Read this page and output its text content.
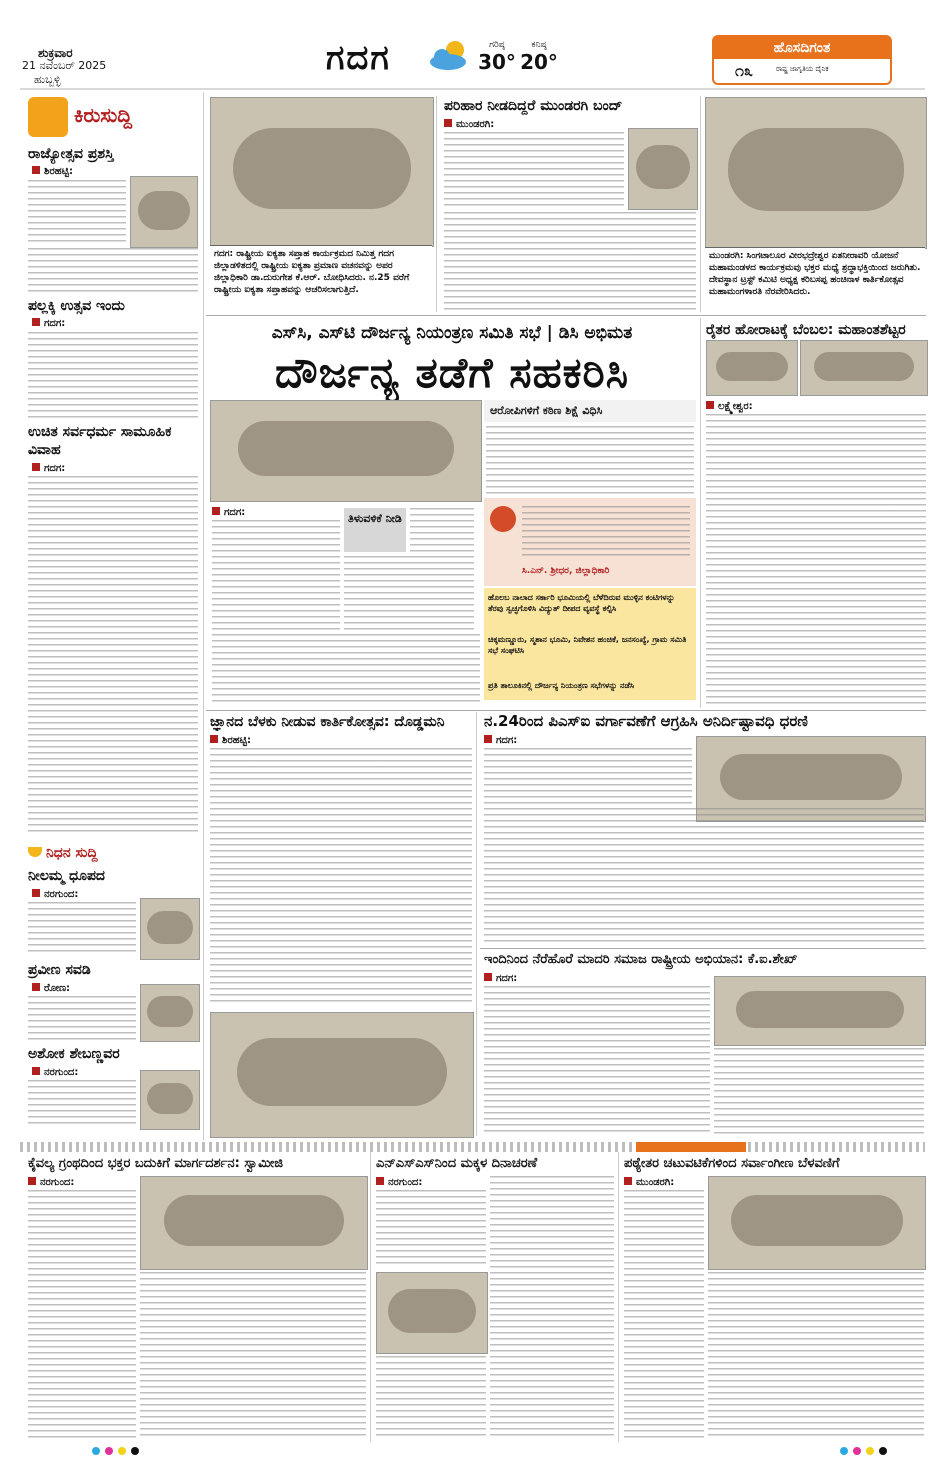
ಶುಕ್ರವಾರ
21 ನವೆಂಬರ್ 2025
ಹುಬ್ಬಳ್ಳಿ
ಗದಗ	ಗರಿಷ್ಠ
30°
ಕನಿಷ್ಠ
20°
ಹೊಸದಿಗಂತ
೧೩	ರಾಷ್ಟ್ರ ಜಾಗೃತಿಯ ದೈನಿಕ
ಕಿರುಸುದ್ದಿ
ರಾಜ್ಯೋತ್ಸವ ಪ್ರಶಸ್ತಿ
ಶಿರಹಟ್ಟಿ:
ಪಲ್ಲಕ್ಕಿ ಉತ್ಸವ ಇಂದು
ಗದಗ:
ಉಚಿತ ಸರ್ವಧರ್ಮ ಸಾಮೂಹಿಕ ವಿವಾಹ
ಗದಗ:
ನಿಧನ ಸುದ್ದಿ
ನೀಲಮ್ಮ ಧೂಪದ
ನರಗುಂದ:
ಪ್ರವೀಣ ಸವಡಿ
ರೋಣ:
ಅಶೋಕ ಶೇಬಣ್ಣವರ
ನರಗುಂದ:
ಗದಗ: ರಾಷ್ಟ್ರೀಯ ಐಕ್ಯತಾ ಸಪ್ತಾಹ ಕಾರ್ಯಕ್ರಮದ ನಿಮಿತ್ತ ಗದಗ ಜಿಲ್ಲಾಡಳಿತದಲ್ಲಿ ರಾಷ್ಟ್ರೀಯ ಐಕ್ಯತಾ ಪ್ರಮಾಣ ವಚನವನ್ನು ಅಪರ ಜಿಲ್ಲಾಧಿಕಾರಿ ಡಾ.ದುರುಗೇಶ ಕೆ.ಆರ್. ಬೋಧಿಸಿದರು. ನ.25 ವರೆಗೆ ರಾಷ್ಟ್ರೀಯ ಐಕ್ಯತಾ ಸಪ್ತಾಹವನ್ನು ಆಚರಿಸಲಾಗುತ್ತಿದೆ.
ಪರಿಹಾರ ನೀಡದಿದ್ದರೆ ಮುಂಡರಗಿ ಬಂದ್
ಮುಂಡರಗಿ:
ಮುಂಡರಗಿ: ಸಿಂಗಟಾಲೂರ ವೀರಭದ್ರೇಶ್ವರ ಏತನೀರಾವರಿ ಯೋಜನೆ ಮಹಾಮಂಡಳದ ಕಾರ್ಯಕ್ರಮವು ಭಕ್ತರ ಮಧ್ಯೆ ಶ್ರದ್ಧಾಭಕ್ತಿಯಿಂದ ಜರುಗಿತು. ದೇವಸ್ಥಾನ ಟ್ರಸ್ಟ್ ಕಮಿಟಿ ಅಧ್ಯಕ್ಷ ಕರಿಬಸಪ್ಪ ಹಂಚಿನಾಳ ಕಾರ್ತಿಕೋತ್ಸವ ಮಹಾಮಂಗಳಾರತಿ ನೆರವೇರಿಸಿದರು.
ಎಸ್‌ಸಿ, ಎಸ್‌ಟಿ ದೌರ್ಜನ್ಯ ನಿಯಂತ್ರಣ ಸಮಿತಿ ಸಭೆ | ಡಿಸಿ ಅಭಿಮತ
ದೌರ್ಜನ್ಯ ತಡೆಗೆ ಸಹಕರಿಸಿ
ಗದಗ:	ತಿಳುವಳಿಕೆ ನೀಡಿ
ಆರೋಪಿಗಳಿಗೆ ಕಠಿಣ ಶಿಕ್ಷೆ ವಿಧಿಸಿ
ಸಿ.ಎನ್. ಶ್ರೀಧರ, ಜಿಲ್ಲಾಧಿಕಾರಿ
ಹೊಲಬ ನಾಲಾದ ಸರ್ಕಾರಿ ಭೂಮಿಯಲ್ಲಿ ಬೆಳೆದಿರುವ ಮುಳ್ಳಿನ ಕಂಟಿಗಳನ್ನು ತೆರವು ಸ್ವಚ್ಛಗೊಳಿಸಿ ವಿದ್ಯುತ್ ದೀಪದ ವ್ಯವಸ್ಥೆ ಕಲ್ಪಿಸಿ
ಚಿಕ್ಕಮಣ್ಣೂರು, ಸ್ಮಶಾನ ಭೂಮಿ, ನಿವೇಶನ ಹಂಚಿಕೆ, ಜನಸಂಖ್ಯೆ, ಗ್ರಾಮ ಸಮಿತಿ ಸಭೆ ಸಂಘಟಿಸಿ
ಪ್ರತಿ ತಾಲೂಕಿನಲ್ಲಿ ದೌರ್ಜನ್ಯ ನಿಯಂತ್ರಣ ಸಭೆಗಳನ್ನು ನಡೆಸಿ
ರೈತರ ಹೋರಾಟಕ್ಕೆ ಬೆಂಬಲ: ಮಹಾಂತಶೆಟ್ಟರ
ಲಕ್ಷ್ಮೇಶ್ವರ:
ಜ್ಞಾನದ ಬೆಳಕು ನೀಡುವ ಕಾರ್ತಿಕೋತ್ಸವ: ದೊಡ್ಡಮನಿ
ಶಿರಹಟ್ಟಿ:
ನ.24ರಿಂದ ಪಿಎಸ್‌ಐ ವರ್ಗಾವಣೆಗೆ ಆಗ್ರಹಿಸಿ ಅನಿರ್ದಿಷ್ಟಾವಧಿ ಧರಣಿ
ಗದಗ:
ಇಂದಿನಿಂದ ನೆರೆಹೊರೆ ಮಾದರಿ ಸಮಾಜ ರಾಷ್ಟ್ರೀಯ ಅಭಿಯಾನ: ಕೆ.ಐ.ಶೇಖ್
ಗದಗ:
ಕೈವಲ್ಯ ಗ್ರಂಥದಿಂದ ಭಕ್ತರ ಬದುಕಿಗೆ ಮಾರ್ಗದರ್ಶನ: ಸ್ವಾಮೀಜಿ
ನರಗುಂದ:
ಎನ್‌ಎಸ್‌ಎಸ್‌ನಿಂದ ಮಕ್ಕಳ ದಿನಾಚರಣೆ
ನರಗುಂದ:
ಪಠ್ಯೇತರ ಚಟುವಟಿಕೆಗಳಿಂದ ಸರ್ವಾಂಗೀಣ ಬೆಳವಣಿಗೆ
ಮುಂಡರಗಿ:
